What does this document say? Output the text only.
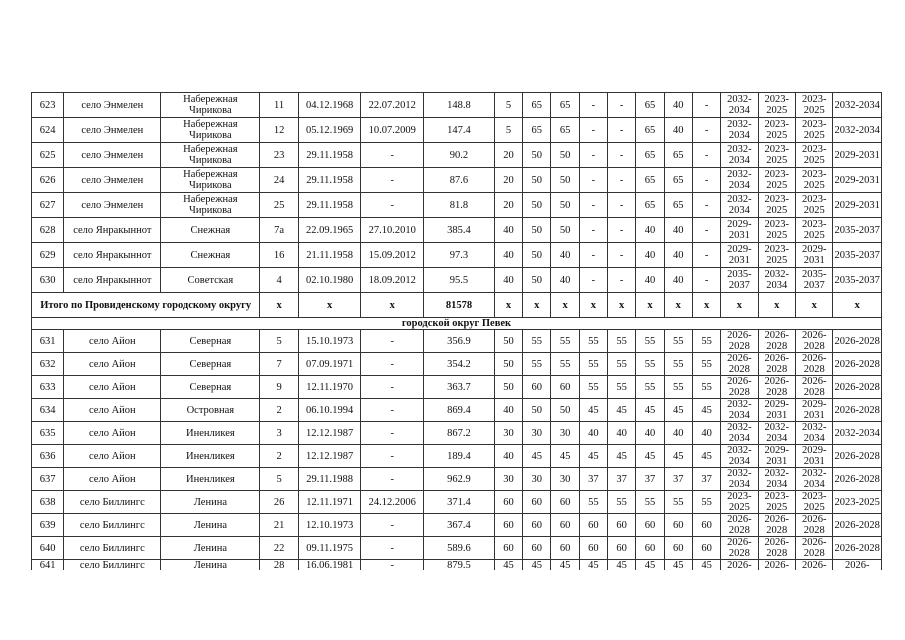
623	село Энмелен	Набережная Чирикова	11	04.12.1968	22.07.2012	148.8	5	65	65	-	-	65	40	-	2032-2034	2023-2025	2023-2025	2032-2034
624	село Энмелен	Набережная Чирикова	12	05.12.1969	10.07.2009	147.4	5	65	65	-	-	65	40	-	2032-2034	2023-2025	2023-2025	2032-2034
625	село Энмелен	Набережная Чирикова	23	29.11.1958	-	90.2	20	50	50	-	-	65	65	-	2032-2034	2023-2025	2023-2025	2029-2031
626	село Энмелен	Набережная Чирикова	24	29.11.1958	-	87.6	20	50	50	-	-	65	65	-	2032-2034	2023-2025	2023-2025	2029-2031
627	село Энмелен	Набережная Чирикова	25	29.11.1958	-	81.8	20	50	50	-	-	65	65	-	2032-2034	2023-2025	2023-2025	2029-2031
628	село Янракыннот	Снежная	7а	22.09.1965	27.10.2010	385.4	40	50	50	-	-	40	40	-	2029-2031	2023-2025	2023-2025	2035-2037
629	село Янракыннот	Снежная	16	21.11.1958	15.09.2012	97.3	40	50	40	-	-	40	40	-	2029-2031	2023-2025	2029-2031	2035-2037
630	село Янракыннот	Советская	4	02.10.1980	18.09.2012	95.5	40	50	40	-	-	40	40	-	2035-2037	2032-2034	2035-2037	2035-2037
Итого по Провиденскому городскому округу			x	x	x	81578	x	x	x	x	x	x	x	x	x	x	x	x
городской округ Певек																		
631	село Айон	Северная	5	15.10.1973	-	356.9	50	55	55	55	55	55	55	55	2026-2028	2026-2028	2026-2028	2026-2028
632	село Айон	Северная	7	07.09.1971	-	354.2	50	55	55	55	55	55	55	55	2026-2028	2026-2028	2026-2028	2026-2028
633	село Айон	Северная	9	12.11.1970	-	363.7	50	60	60	55	55	55	55	55	2026-2028	2026-2028	2026-2028	2026-2028
634	село Айон	Островная	2	06.10.1994	-	869.4	40	50	50	45	45	45	45	45	2032-2034	2029-2031	2029-2031	2026-2028
635	село Айон	Иненликея	3	12.12.1987	-	867.2	30	30	30	40	40	40	40	40	2032-2034	2032-2034	2032-2034	2032-2034
636	село Айон	Иненликея	2	12.12.1987	-	189.4	40	45	45	45	45	45	45	45	2032-2034	2029-2031	2029-2031	2026-2028
637	село Айон	Иненликея	5	29.11.1988	-	962.9	30	30	30	37	37	37	37	37	2032-2034	2032-2034	2032-2034	2026-2028
638	село Биллингс	Ленина	26	12.11.1971	24.12.2006	371.4	60	60	60	55	55	55	55	55	2023-2025	2023-2025	2023-2025	2023-2025
639	село Биллингс	Ленина	21	12.10.1973	-	367.4	60	60	60	60	60	60	60	60	2026-2028	2026-2028	2026-2028	2026-2028
640	село Биллингс	Ленина	22	09.11.1975	-	589.6	60	60	60	60	60	60	60	60	2026-2028	2026-2028	2026-2028	2026-2028

641	село Биллингс	Ленина	28	16.06.1981	-	879.5	45	45	45	45	45	45	45	45	2026-	2026-	2026-	2026-
